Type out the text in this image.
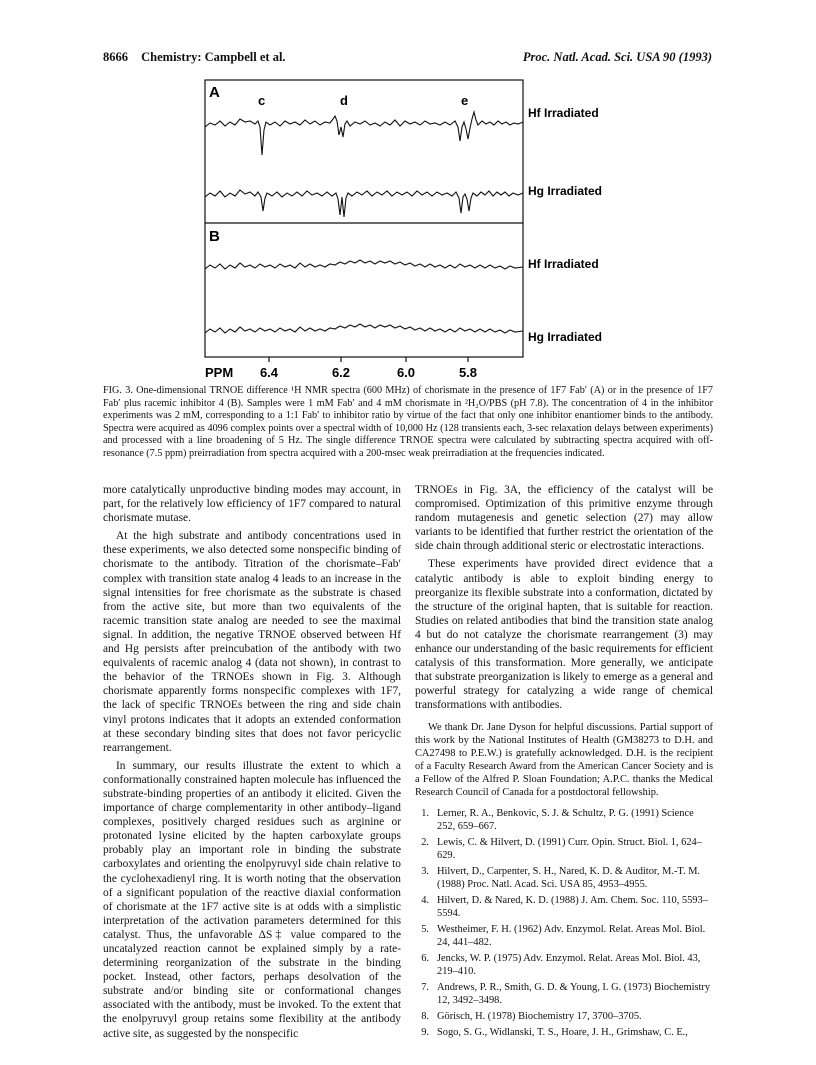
8666 Chemistry: Campbell et al.	Proc. Natl. Acad. Sci. USA 90 (1993)
A
B
c	d	e
Hf Irradiated
Hg Irradiated
Hf Irradiated
Hg Irradiated
PPM 6.4	6.2	6.0	5.8

FIG. 3. One-dimensional TRNOE difference ¹H NMR spectra (600 MHz) of chorismate in the presence of 1F7 Fab′ (A) or in the presence of 1F7 Fab′ plus racemic inhibitor 4 (B). Samples were 1 mM Fab′ and 4 mM chorismate in ²H₂O/PBS (pH 7.8). The concentration of 4 in the inhibitor experiments was 2 mM, corresponding to a 1:1 Fab′ to inhibitor ratio by virtue of the fact that only one inhibitor enantiomer binds to the antibody. Spectra were acquired as 4096 complex points over a spectral width of 10,000 Hz (128 transients each, 3-sec relaxation delays between experiments) and processed with a line broadening of 5 Hz. The single difference TRNOE spectra were calculated by subtracting spectra acquired with off-resonance (7.5 ppm) preirradiation from spectra acquired with a 200-msec weak preirradiation at the frequencies indicated.

more catalytically unproductive binding modes may account, in part, for the relatively low efficiency of 1F7 compared to natural chorismate mutase.

At the high substrate and antibody concentrations used in these experiments, we also detected some nonspecific binding of chorismate to the antibody. Titration of the chorismate–Fab′ complex with transition state analog 4 leads to an increase in the signal intensities for free chorismate as the substrate is chased from the active site, but more than two equivalents of the racemic transition state analog are needed to see the maximal signal. In addition, the negative TRNOE observed between Hf and Hg persists after preincubation of the antibody with two equivalents of racemic analog 4 (data not shown), in contrast to the behavior of the TRNOEs shown in Fig. 3. Although chorismate apparently forms nonspecific complexes with 1F7, the lack of specific TRNOEs between the ring and side chain vinyl protons indicates that it adopts an extended conformation at these secondary binding sites that does not favor pericyclic rearrangement.

In summary, our results illustrate the extent to which a conformationally constrained hapten molecule has influenced the substrate-binding properties of an antibody it elicited. Given the importance of charge complementarity in other antibody–ligand complexes, positively charged residues such as arginine or protonated lysine elicited by the hapten carboxylate groups probably play an important role in binding the substrate carboxylates and orienting the enolpyruvyl side chain relative to the cyclohexadienyl ring. It is worth noting that the observation of a significant population of the reactive diaxial conformation of chorismate at the 1F7 active site is at odds with a simplistic interpretation of the activation parameters determined for this catalyst. Thus, the unfavorable ΔS‡ value compared to the uncatalyzed reaction cannot be explained simply by a rate-determining reorganization of the substrate in the binding pocket. Instead, other factors, perhaps desolvation of the substrate and/or binding site or conformational changes associated with the antibody, must be invoked. To the extent that the enolpyruvyl group retains some flexibility at the antibody active site, as suggested by the nonspecific

TRNOEs in Fig. 3A, the efficiency of the catalyst will be compromised. Optimization of this primitive enzyme through random mutagenesis and genetic selection (27) may allow variants to be identified that further restrict the orientation of the side chain through additional steric or electrostatic interactions.

These experiments have provided direct evidence that a catalytic antibody is able to exploit binding energy to preorganize its flexible substrate into a conformation, dictated by the structure of the original hapten, that is suitable for reaction. Studies on related antibodies that bind the transition state analog 4 but do not catalyze the chorismate rearrangement (3) may enhance our understanding of the basic requirements for efficient catalysis of this transformation. More generally, we anticipate that substrate preorganization is likely to emerge as a general and powerful strategy for catalyzing a wide range of chemical transformations with antibodies.

We thank Dr. Jane Dyson for helpful discussions. Partial support of this work by the National Institutes of Health (GM38273 to D.H. and CA27498 to P.E.W.) is gratefully acknowledged. D.H. is the recipient of a Faculty Research Award from the American Cancer Society and is a Fellow of the Alfred P. Sloan Foundation; A.P.C. thanks the Medical Research Council of Canada for a postdoctoral fellowship.

1. Lerner, R. A., Benkovic, S. J. & Schultz, P. G. (1991) Science 252, 659–667.
2. Lewis, C. & Hilvert, D. (1991) Curr. Opin. Struct. Biol. 1, 624–629.
3. Hilvert, D., Carpenter, S. H., Nared, K. D. & Auditor, M.-T. M. (1988) Proc. Natl. Acad. Sci. USA 85, 4953–4955.
4. Hilvert, D. & Nared, K. D. (1988) J. Am. Chem. Soc. 110, 5593–5594.
5. Westheimer, F. H. (1962) Adv. Enzymol. Relat. Areas Mol. Biol. 24, 441–482.
6. Jencks, W. P. (1975) Adv. Enzymol. Relat. Areas Mol. Biol. 43, 219–410.
7. Andrews, P. R., Smith, G. D. & Young, I. G. (1973) Biochemistry 12, 3492–3498.
8. Görisch, H. (1978) Biochemistry 17, 3700–3705.
9. Sogo, S. G., Widlanski, T. S., Hoare, J. H., Grimshaw, C. E.,
